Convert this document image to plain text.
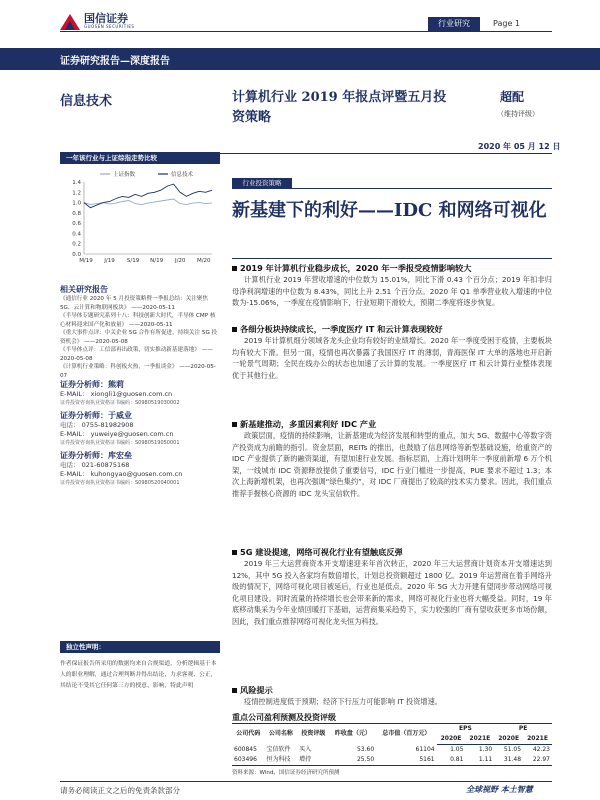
国信证券
GUOSEN SECURITIES	行业研究	Page 1
证券研究报告—深度报告
信息技术	计算机行业 2019 年报点评暨五月投资策略
超配
（维持评级）
2020 年 05 月 12 日
一年该行业与上证综指走势比较
0.0
0.2
0.4
0.6
0.8
1.0
1.2
1.4
M/19 J/19 S/19 N/19 J/20 M/20
上证指数	信息技术
相关研究报告
《通信行业 2020 年 5 月投资策略暨一季报总结：关注聚焦 5G、云计算和物联网板块》 ——2020-05-11
《半导体专题研究系列十八：科技创新大时代，半导体 CMP 核心材料迎来国产化和放量》 ——2020-05-11
《重大事件点评：中关企业 5G 合作有所促进，持续关注 5G 投资机会》 ——2020-05-08
《半导体点评：工信部再出政策，切实推动新基建落地》 ——2020-05-08
《计算机行业策略：科创板火热，一季报谈金》 ——2020-05-07
证券分析师：熊莉
E-MAIL： xiongli1@guosen.com.cn
证券投资咨询执业资格证书编码：S0980519030002
证券分析师：于威业
电话： 0755-81982908
E-MAIL： yuweiye@guosen.com.cn
证券投资咨询执业资格证书编码：S0980519050001
证券分析师：库宏垒
电话： 021-60875168
E-MAIL： kuhongyao@guosen.com.cn
证券投资咨询执业资格证书编码：S0980520040001
独立性声明：
作者保证报告所采用的数据均来自合规渠道，分析逻辑基于本人的职业理解，通过合理判断并得出结论，力求客观、公正，其结论不受其它任何第三方的授意、影响，特此声明
行业投资策略
新基建下的利好——IDC 和网络可视化
2019 年计算机行业稳步成长，2020 年一季报受疫情影响较大
计算机行业 2019 年营收增速的中位数为 15.01%，同比下滑 0.43 个百分点；2019 年扣非归母净利润增速的中位数为 8.43%，同比上升 2.51 个百分点。2020 年 Q1 单季营业收入增速的中位数为-15.06%，一季度在疫情影响下，行业短期下滑较大，预期二季度将逐步恢复。
各细分板块持续成长，一季度医疗 IT 和云计算表现较好
2019 年计算机细分领域各龙头企业均有较好的业绩增长。2020 年一季度受困于疫情，主要板块均有较大下滑。但另一面，疫情也再次暴露了我国医疗 IT 的薄弱，青海医保 IT 大单的落地也开启新一轮景气周期；全民在线办公的状态也加速了云计算的发展。一季度医疗 IT 和云计算行业整体表现优于其他行业。
新基建推动，多重因素利好 IDC 产业
政策层面，疫情的持续影响，让新基建成为经济发展和转型的重点，加大 5G、数据中心等数字资产投资成为前瞻的指引。资金层面，REITs 的推出，也鼓励了信息网络等新型基础设施，给重资产的 IDC 产业提供了新的融资渠道，有望加速行业发展。指标层面，上海计划明年一季度前新增 6 万个机架，一线城市 IDC 资源释放提供了重要信号，IDC 行业门槛进一步提高，PUE 要求不超过 1.3；本次上海新增机架，也再次强调“绿色集约”，对 IDC 厂商提出了较高的技术实力要求。因此，我们重点推荐手握核心资源的 IDC 龙头宝信软件。
5G 建设提速，网络可视化行业有望触底反弹
2019 年三大运营商资本开支增速迎来年首次转正，2020 年三大运营商计划资本开支增速达到 12%，其中 5G 投入各家均有数倍增长，计划总投资额超过 1800 亿。2019 年运营商在着手网络升级的情况下，网络可视化项目被延后，行业也是低点。2020 年 5G 大力开建有望同步带动网络可视化项目建设。同时流量的持续增长也会带来新的需求，网络可视化行业也将大幅受益。同时，19 年底移动集采为今年业绩回暖打下基础，运营商集采趋势下，实力较强的厂商有望收获更多市场份额，因此，我们重点推荐网络可视化龙头恒为科技。
风险提示
疫情控制进度低于预期；经济下行压力可能影响 IT 投资增速。
重点公司盈利预测及投资评级
公司代码	公司名称	投资评级	昨收盘（元）	总市值（百万元）	EPS		PE	
					2020E	2021E	2020E	2021E
600845	宝信软件	买入	53.60	61104	1.05	1.30	51.05	42.23
603496	恒为科技	增持	25.50	5161	0.81	1.11	31.48	22.97
资料来源：Wind、国信证券经济研究所预测
请务必阅读正文之后的免责条款部分	全球视野 本土智慧
